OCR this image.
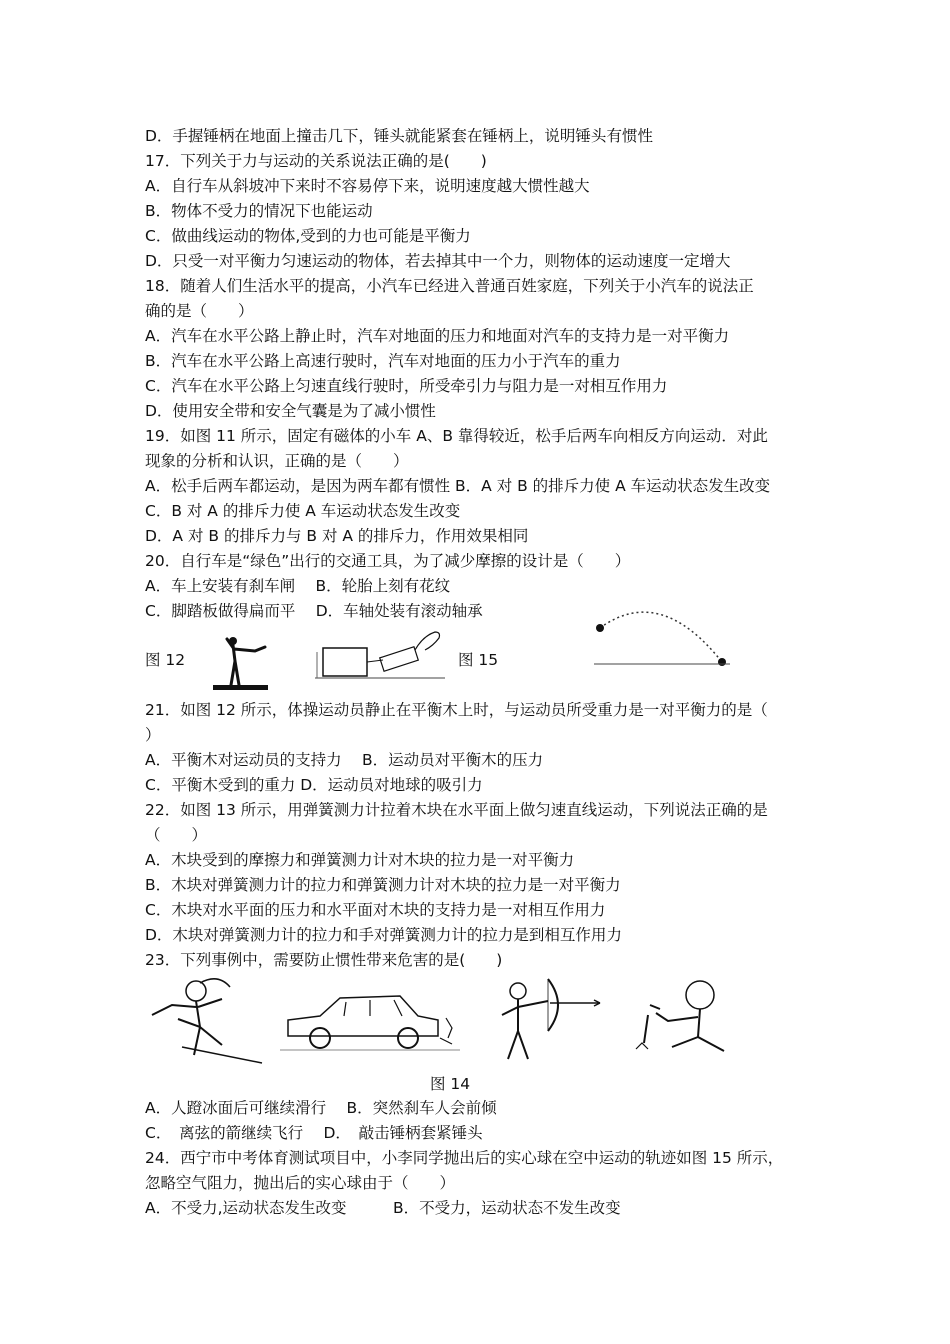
D．手握锤柄在地面上撞击几下，锤头就能紧套在锤柄上，说明锤头有惯性
17．下列关于力与运动的关系说法正确的是(　　)
A．自行车从斜坡冲下来时不容易停下来，说明速度越大惯性越大
B．物体不受力的情况下也能运动
C．做曲线运动的物体,受到的力也可能是平衡力
D．只受一对平衡力匀速运动的物体，若去掉其中一个力，则物体的运动速度一定增大
18．随着人们生活水平的提高，小汽车已经进入普通百姓家庭，下列关于小汽车的说法正
确的是（　　）
A．汽车在水平公路上静止时，汽车对地面的压力和地面对汽车的支持力是一对平衡力
B．汽车在水平公路上高速行驶时，汽车对地面的压力小于汽车的重力
C．汽车在水平公路上匀速直线行驶时，所受牵引力与阻力是一对相互作用力
D．使用安全带和安全气囊是为了减小惯性
19．如图 11 所示，固定有磁体的小车 A、B 靠得较近，松手后两车向相反方向运动．对此
现象的分析和认识，正确的是（　　）
A．松手后两车都运动，是因为两车都有惯性 B．A 对 B 的排斥力使 A 车运动状态发生改变
C．B 对 A 的排斥力使 A 车运动状态发生改变
D．A 对 B 的排斥力与 B 对 A 的排斥力，作用效果相同
20．自行车是“绿色”出行的交通工具，为了减少摩擦的设计是（　　）
A．车上安装有刹车闸　 B．轮胎上刻有花纹
C．脚踏板做得扁而平　 D．车轴处装有滚动轴承
图 12	图 15
21．如图 12 所示，体操运动员静止在平衡木上时，与运动员所受重力是一对平衡力的是（
）
A．平衡木对运动员的支持力　 B．运动员对平衡木的压力
C．平衡木受到的重力 D．运动员对地球的吸引力
22．如图 13 所示，用弹簧测力计拉着木块在水平面上做匀速直线运动，下列说法正确的是
（　　）
A．木块受到的摩擦力和弹簧测力计对木块的拉力是一对平衡力
B．木块对弹簧测力计的拉力和弹簧测力计对木块的拉力是一对平衡力
C．木块对水平面的压力和水平面对木块的支持力是一对相互作用力
D．木块对弹簧测力计的拉力和手对弹簧测力计的拉力是到相互作用力
23．下列事例中，需要防止惯性带来危害的是(　　)
图 14
A．人蹬冰面后可继续滑行　 B．突然刹车人会前倾
C．　离弦的箭继续飞行　 D．　敲击锤柄套紧锤头
24．西宁市中考体育测试项目中，小李同学抛出后的实心球在空中运动的轨迹如图 15 所示，
忽略空气阻力，抛出后的实心球由于（　　）
A．不受力,运动状态发生改变　　　B．不受力，运动状态不发生改变
